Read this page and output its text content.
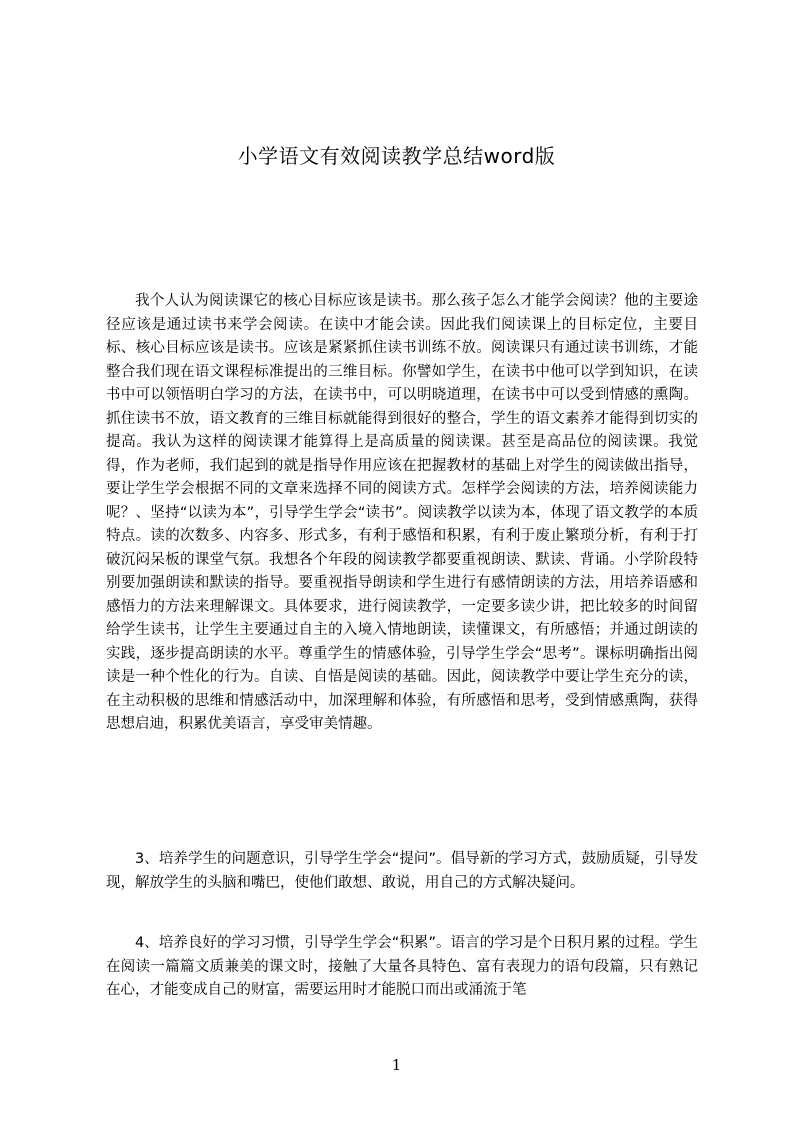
小学语文有效阅读教学总结word版

我个人认为阅读课它的核心目标应该是读书。那么孩子怎么才能学会阅读？他的主要途径应该是通过读书来学会阅读。在读中才能会读。因此我们阅读课上的目标定位，主要目标、核心目标应该是读书。应该是紧紧抓住读书训练不放。阅读课只有通过读书训练，才能整合我们现在语文课程标准提出的三维目标。你譬如学生，在读书中他可以学到知识，在读书中可以领悟明白学习的方法，在读书中，可以明晓道理，在读书中可以受到情感的熏陶。抓住读书不放，语文教育的三维目标就能得到很好的整合，学生的语文素养才能得到切实的提高。我认为这样的阅读课才能算得上是高质量的阅读课。甚至是高品位的阅读课。我觉得，作为老师，我们起到的就是指导作用应该在把握教材的基础上对学生的阅读做出指导，要让学生学会根据不同的文章来选择不同的阅读方式。怎样学会阅读的方法，培养阅读能力呢？、坚持“以读为本”，引导学生学会“读书”。阅读教学以读为本，体现了语文教学的本质特点。读的次数多、内容多、形式多，有利于感悟和积累，有利于废止繁琐分析，有利于打破沉闷呆板的课堂气氛。我想各个年段的阅读教学都要重视朗读、默读、背诵。小学阶段特别要加强朗读和默读的指导。要重视指导朗读和学生进行有感情朗读的方法，用培养语感和感悟力的方法来理解课文。具体要求，进行阅读教学，一定要多读少讲，把比较多的时间留给学生读书，让学生主要通过自主的入境入情地朗读，读懂课文，有所感悟；并通过朗读的实践，逐步提高朗读的水平。尊重学生的情感体验，引导学生学会“思考”。课标明确指出阅读是一种个性化的行为。自读、自悟是阅读的基础。因此，阅读教学中要让学生充分的读，在主动积极的思维和情感活动中，加深理解和体验，有所感悟和思考，受到情感熏陶，获得思想启迪，积累优美语言，享受审美情趣。

3、培养学生的问题意识，引导学生学会“提问”。倡导新的学习方式，鼓励质疑，引导发现，解放学生的头脑和嘴巴，使他们敢想、敢说，用自己的方式解决疑问。

4、培养良好的学习习惯，引导学生学会“积累”。语言的学习是个日积月累的过程。学生在阅读一篇篇文质兼美的课文时，接触了大量各具特色、富有表现力的语句段篇，只有熟记在心，才能变成自己的财富，需要运用时才能脱口而出或涌流于笔

1
